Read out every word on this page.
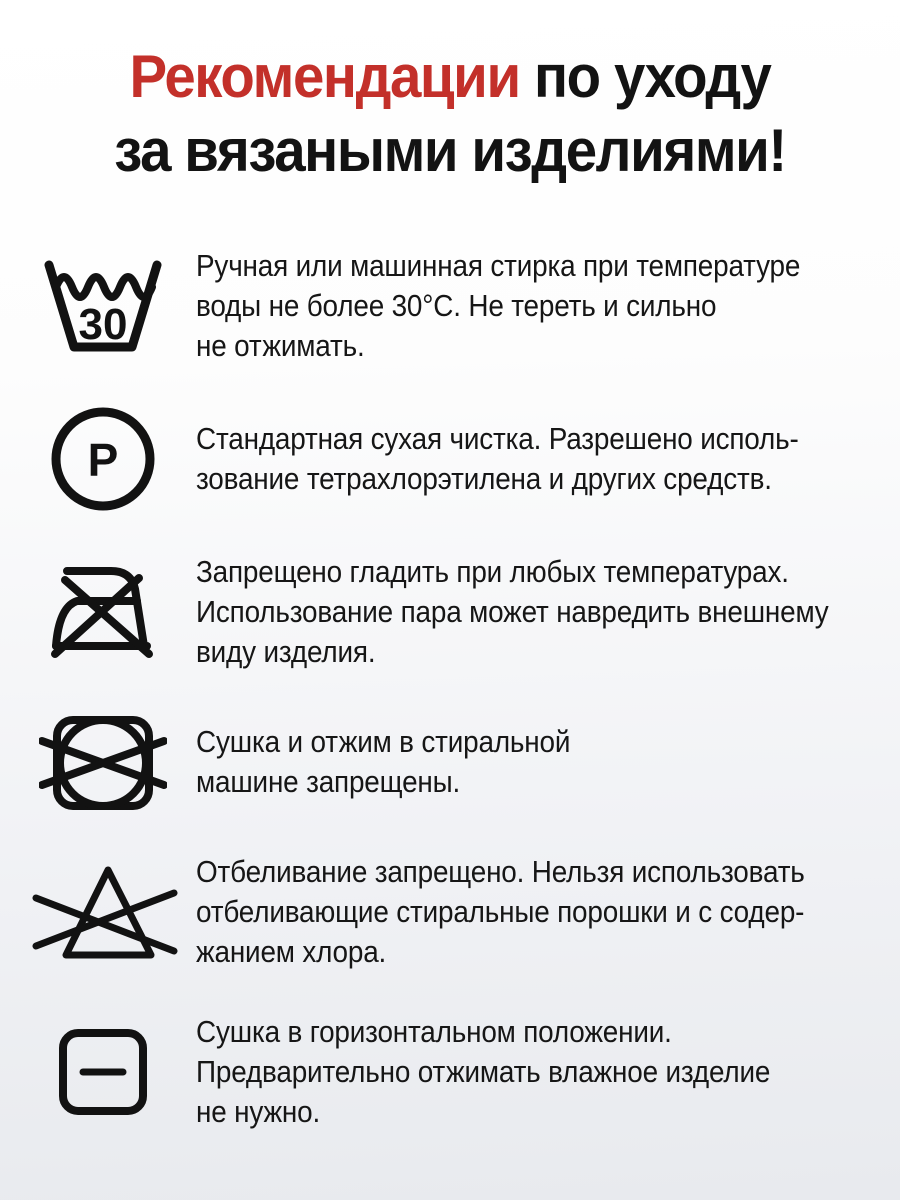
Рекомендации по уходу
за вязаными изделиями!
30
Ручная или машинная стирка при температуре
воды не более 30°С. Не тереть и сильно
не отжимать.
P	Стандартная сухая чистка. Разрешено исполь-
зование тетрахлорэтилена и других средств.
Запрещено гладить при любых температурах.
Использование пара может навредить внешнему
виду изделия.
Сушка и отжим в стиральной
машине запрещены.
Отбеливание запрещено. Нельзя использовать
отбеливающие стиральные порошки и с содер-
жанием хлора.
Сушка в горизонтальном положении.
Предварительно отжимать влажное изделие
не нужно.
